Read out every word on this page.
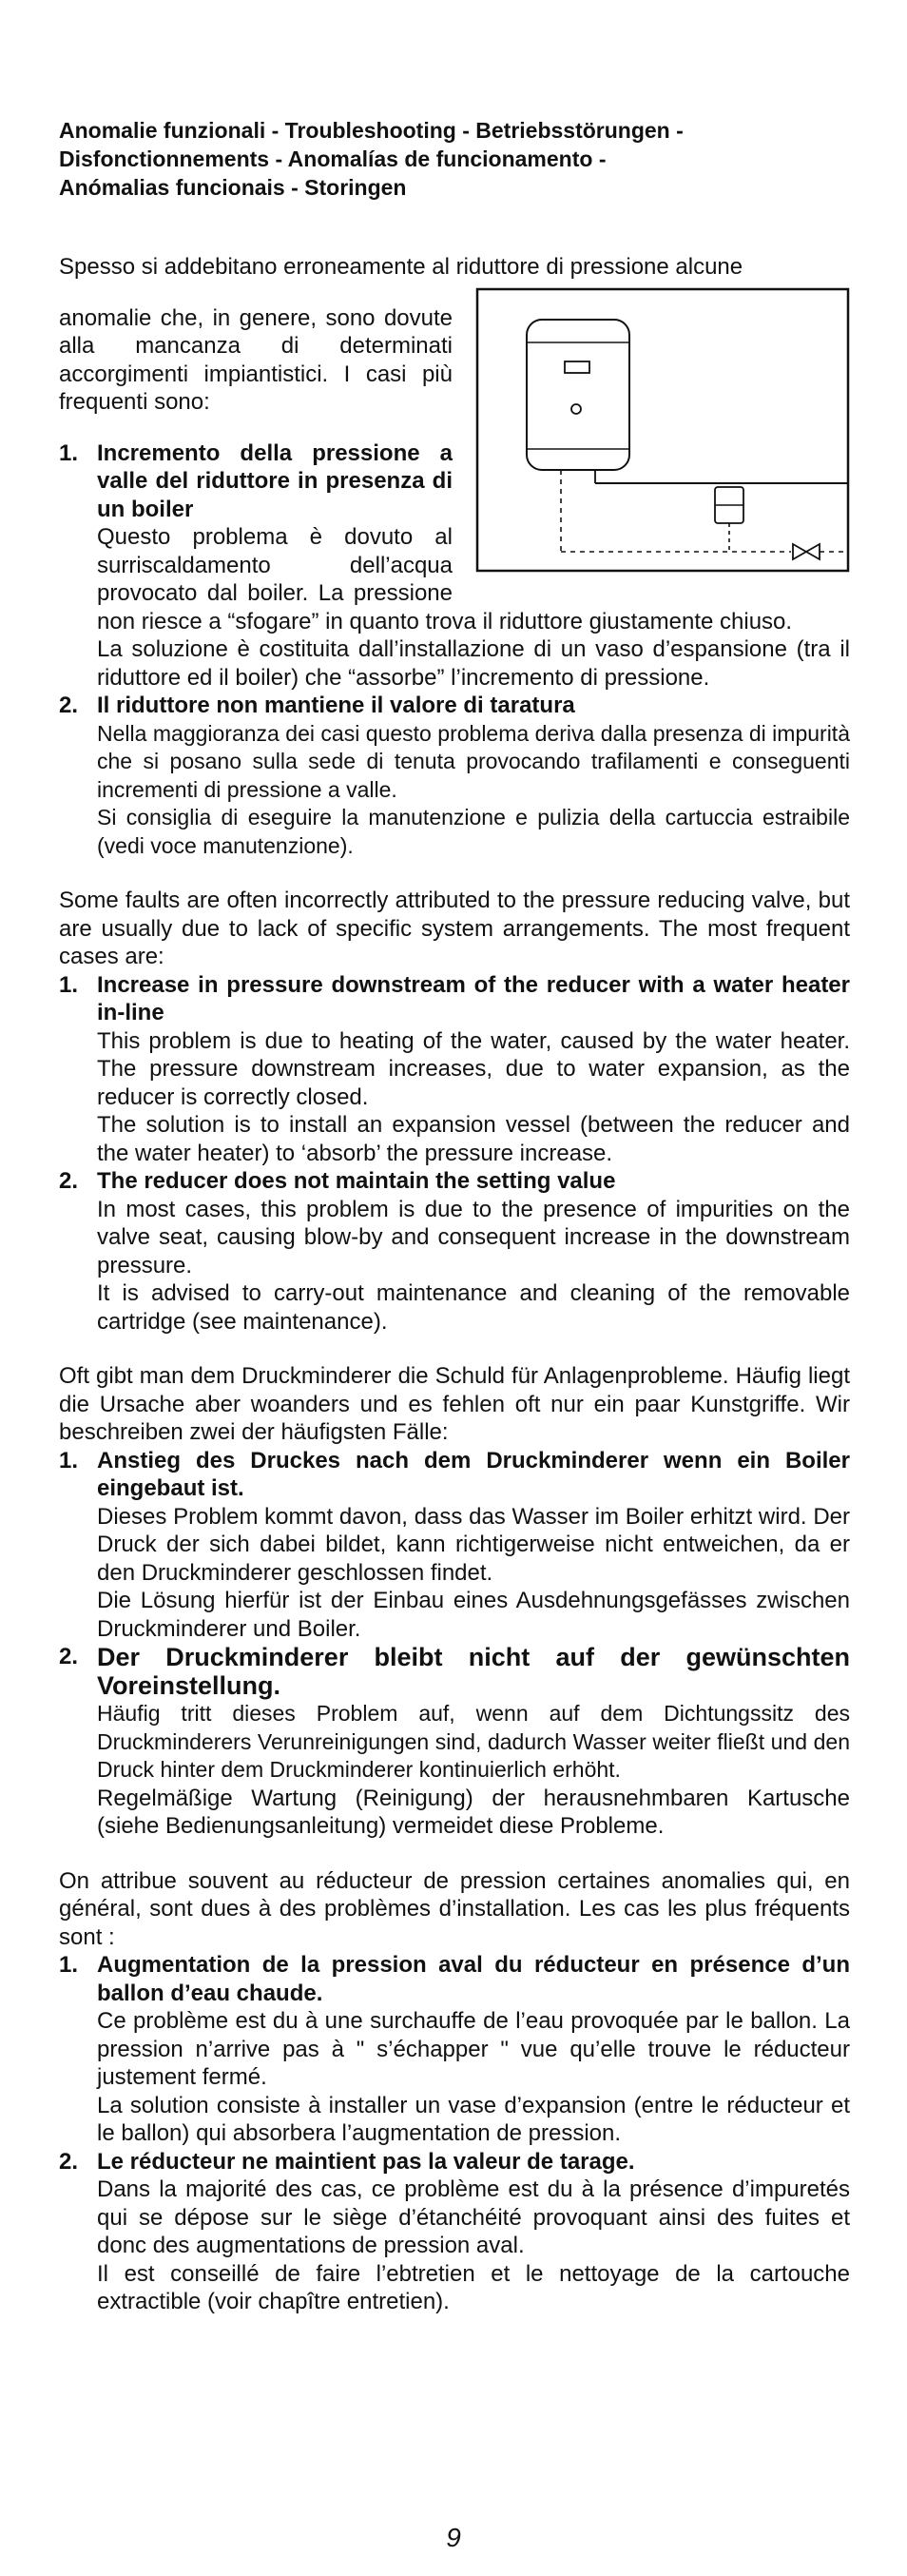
Anomalie funzionali - Troubleshooting - Betriebsstörungen -
Disfonctionnements - Anomalías de funcionamento -
Anómalias funcionais - Storingen

Spesso si addebitano erroneamente al riduttore di pressione alcune

anomalie che, in genere, sono dovute alla mancanza di determinati accorgimenti impiantistici. I casi più frequenti sono:

1. Incremento della pressione a valle del riduttore in presenza di un boiler

Questo problema è dovuto al surriscaldamento dell’acqua provocato dal boiler. La pressione non riesce a “sfogare” in quanto trova il riduttore giustamente chiuso.

La soluzione è costituita dall’installazione di un vaso d’espansione (tra il riduttore ed il boiler) che “assorbe” l’incremento di pressione.

2. Il riduttore non mantiene il valore di taratura

Nella maggioranza dei casi questo problema deriva dalla presenza di impurità che si posano sulla sede di tenuta provocando trafilamenti e conseguenti incrementi di pressione a valle.

Si consiglia di eseguire la manutenzione e pulizia della cartuccia estraibile (vedi voce manutenzione).

Some faults are often incorrectly attributed to the pressure reducing valve, but are usually due to lack of specific system arrangements. The most frequent cases are:

1. Increase in pressure downstream of the reducer with a water heater in-line

This problem is due to heating of the water, caused by the water heater. The pressure downstream increases, due to water expansion, as the reducer is correctly closed.

The solution is to install an expansion vessel (between the reducer and the water heater) to ‘absorb’ the pressure increase.

2. The reducer does not maintain the setting value

In most cases, this problem is due to the presence of impurities on the valve seat, causing blow-by and consequent increase in the downstream pressure.

It is advised to carry-out maintenance and cleaning of the removable cartridge (see maintenance).

Oft gibt man dem Druckminderer die Schuld für Anlagenprobleme. Häufig liegt die Ursache aber woanders und es fehlen oft nur ein paar Kunstgriffe. Wir beschreiben zwei der häufigsten Fälle:

1. Anstieg des Druckes nach dem Druckminderer wenn ein Boiler eingebaut ist.

Dieses Problem kommt davon, dass das Wasser im Boiler erhitzt wird. Der Druck der sich dabei bildet, kann richtigerweise nicht entweichen, da er den Druckminderer geschlossen findet.

Die Lösung hierfür ist der Einbau eines Ausdehnungsgefässes zwischen Druckminderer und Boiler.

2. Der Druckminderer bleibt nicht auf der gewünschten Voreinstellung.

Häufig tritt dieses Problem auf, wenn auf dem Dichtungssitz des Druckminderers Verunreinigungen sind, dadurch Wasser weiter fließt und den Druck hinter dem Druckminderer kontinuierlich erhöht.

Regelmäßige Wartung (Reinigung) der herausnehmbaren Kartusche (siehe Bedienungsanleitung) vermeidet diese Probleme.

On attribue souvent au réducteur de pression certaines anomalies qui, en général, sont dues à des problèmes d’installation. Les cas les plus fréquents sont :

1. Augmentation de la pression aval du réducteur en présence d’un ballon d’eau chaude.

Ce problème est du à une surchauffe de l’eau provoquée par le ballon. La pression n’arrive pas à " s’échapper " vue qu’elle trouve le réducteur justement fermé.

La solution consiste à installer un vase d’expansion (entre le réducteur et le ballon) qui absorbera l’augmentation de pression.

2. Le réducteur ne maintient pas la valeur de tarage.

Dans la majorité des cas, ce problème est du à la présence d’impuretés qui se dépose sur le siège d’étanchéité provoquant ainsi des fuites et donc des augmentations de pression aval.

Il est conseillé de faire l’ebtretien et le nettoyage de la cartouche extractible (voir chapître entretien).

9
